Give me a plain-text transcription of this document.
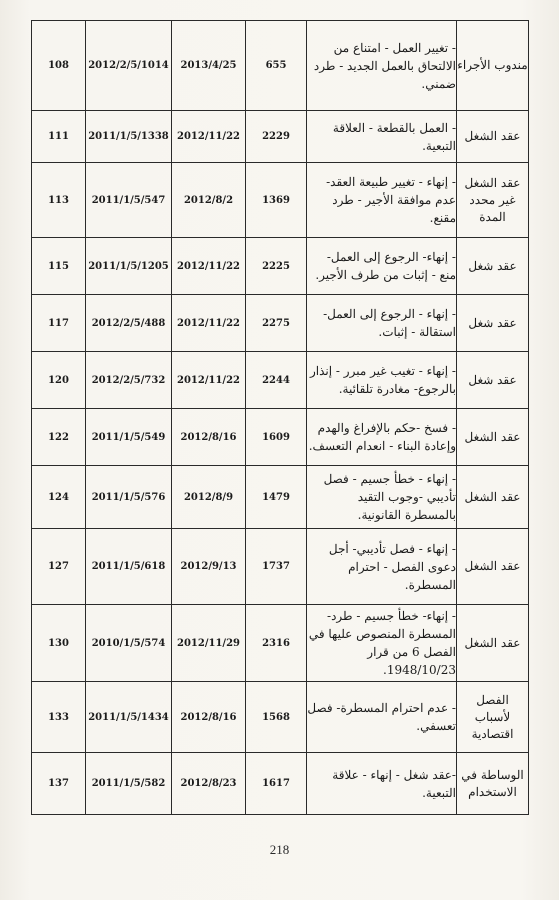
مندوب الأجراء	- تغيير العمل - امتناع من الالتحاق بالعمل الجديد - طرد ضمني.	655	2013/4/25	2012/2/5/1014	108
عقد الشغل	- العمل بالقطعة - العلاقة التبعية.	2229	2012/11/22	2011/1/5/1338	111
عقد الشغل غير محدد المدة	- إنهاء - تغيير طبيعة العقد- عدم موافقة الأجير - طرد مقنع.	1369	2012/8/2	2011/1/5/547	113
عقد شغل	- إنهاء- الرجوع إلى العمل- منع - إثبات من طرف الأجير.	2225	2012/11/22	2011/1/5/1205	115
عقد شغل	- إنهاء - الرجوع إلى العمل- استقالة - إثبات.	2275	2012/11/22	2012/2/5/488	117
عقد شغل	- إنهاء - تغيب غير مبرر - إنذار بالرجوع- مغادرة تلقائية.	2244	2012/11/22	2012/2/5/732	120
عقد الشغل	- فسخ -حكم بالإفراغ والهدم وإعادة البناء - انعدام التعسف.	1609	2012/8/16	2011/1/5/549	122
عقد الشغل	- إنهاء - خطأ جسيم - فصل تأديبي -وجوب التقيد بالمسطرة القانونية.	1479	2012/8/9	2011/1/5/576	124
عقد الشغل	- إنهاء - فصل تأديبي- أجل دعوى الفصل - احترام المسطرة.	1737	2012/9/13	2011/1/5/618	127
عقد الشغل	- إنهاء- خطأ جسيم - طرد- المسطرة المنصوص عليها في الفصل 6 من قرار 1948/10/23.	2316	2012/11/29	2010/1/5/574	130
الفصل لأسباب اقتصادية	- عدم احترام المسطرة- فصل تعسفي.	1568	2012/8/16	2011/1/5/1434	133
الوساطة في الاستخدام	-عقد شغل - إنهاء - علاقة التبعية.	1617	2012/8/23	2011/1/5/582	137
218
